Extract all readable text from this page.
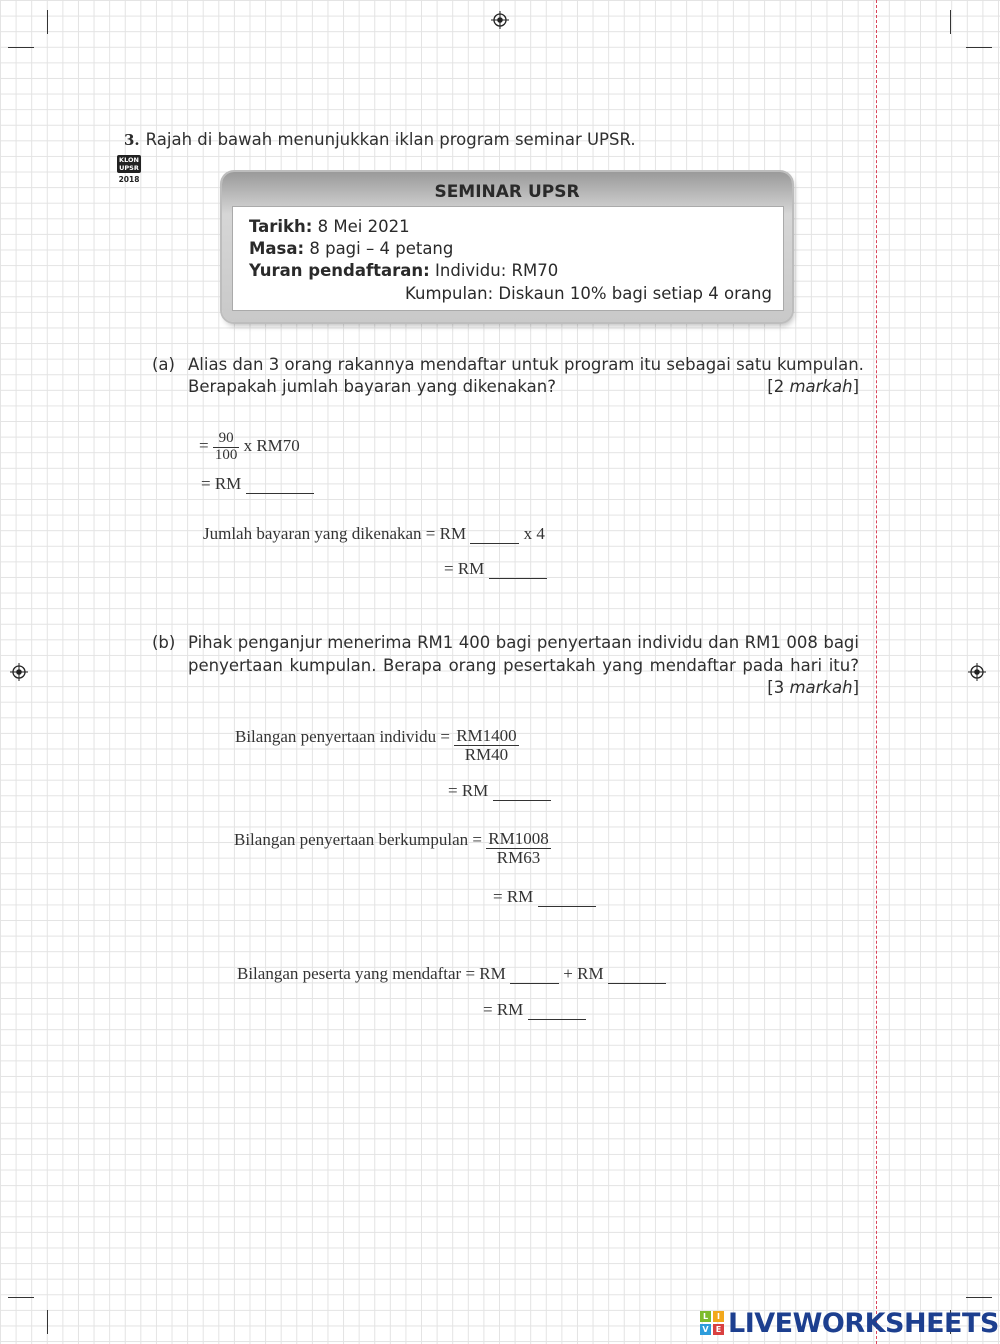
3. Rajah di bawah menunjukkan iklan program seminar UPSR.
KLON
UPSR
2018
SEMINAR UPSR
Tarikh: 8 Mei 2021
Masa: 8 pagi – 4 petang
Yuran pendaftaran: Individu: RM70
Kumpulan: Diskaun 10% bagi setiap 4 orang
(a) Alias dan 3 orang rakannya mendaftar untuk program itu sebagai satu kumpulan.
Berapakah jumlah bayaran yang dikenakan?	[2 markah]
= $\frac{90}{100}$ x RM70
= RM
Jumlah bayaran yang dikenakan = RM	x 4
= RM
(b) Pihak penganjur menerima RM1 400 bagi penyertaan individu dan RM1 008 bagi
penyertaan kumpulan. Berapa orang pesertakah yang mendaftar pada hari itu?
[3 markah]
Bilangan penyertaan individu = $\frac{RM1400}{RM40}$
= RM
Bilangan penyertaan berkumpulan = $\frac{RM1008}{RM63}$
= RM
Bilangan peserta yang mendaftar = RM	+ RM
= RM
L	I
V E LIVEWORKSHEETS
